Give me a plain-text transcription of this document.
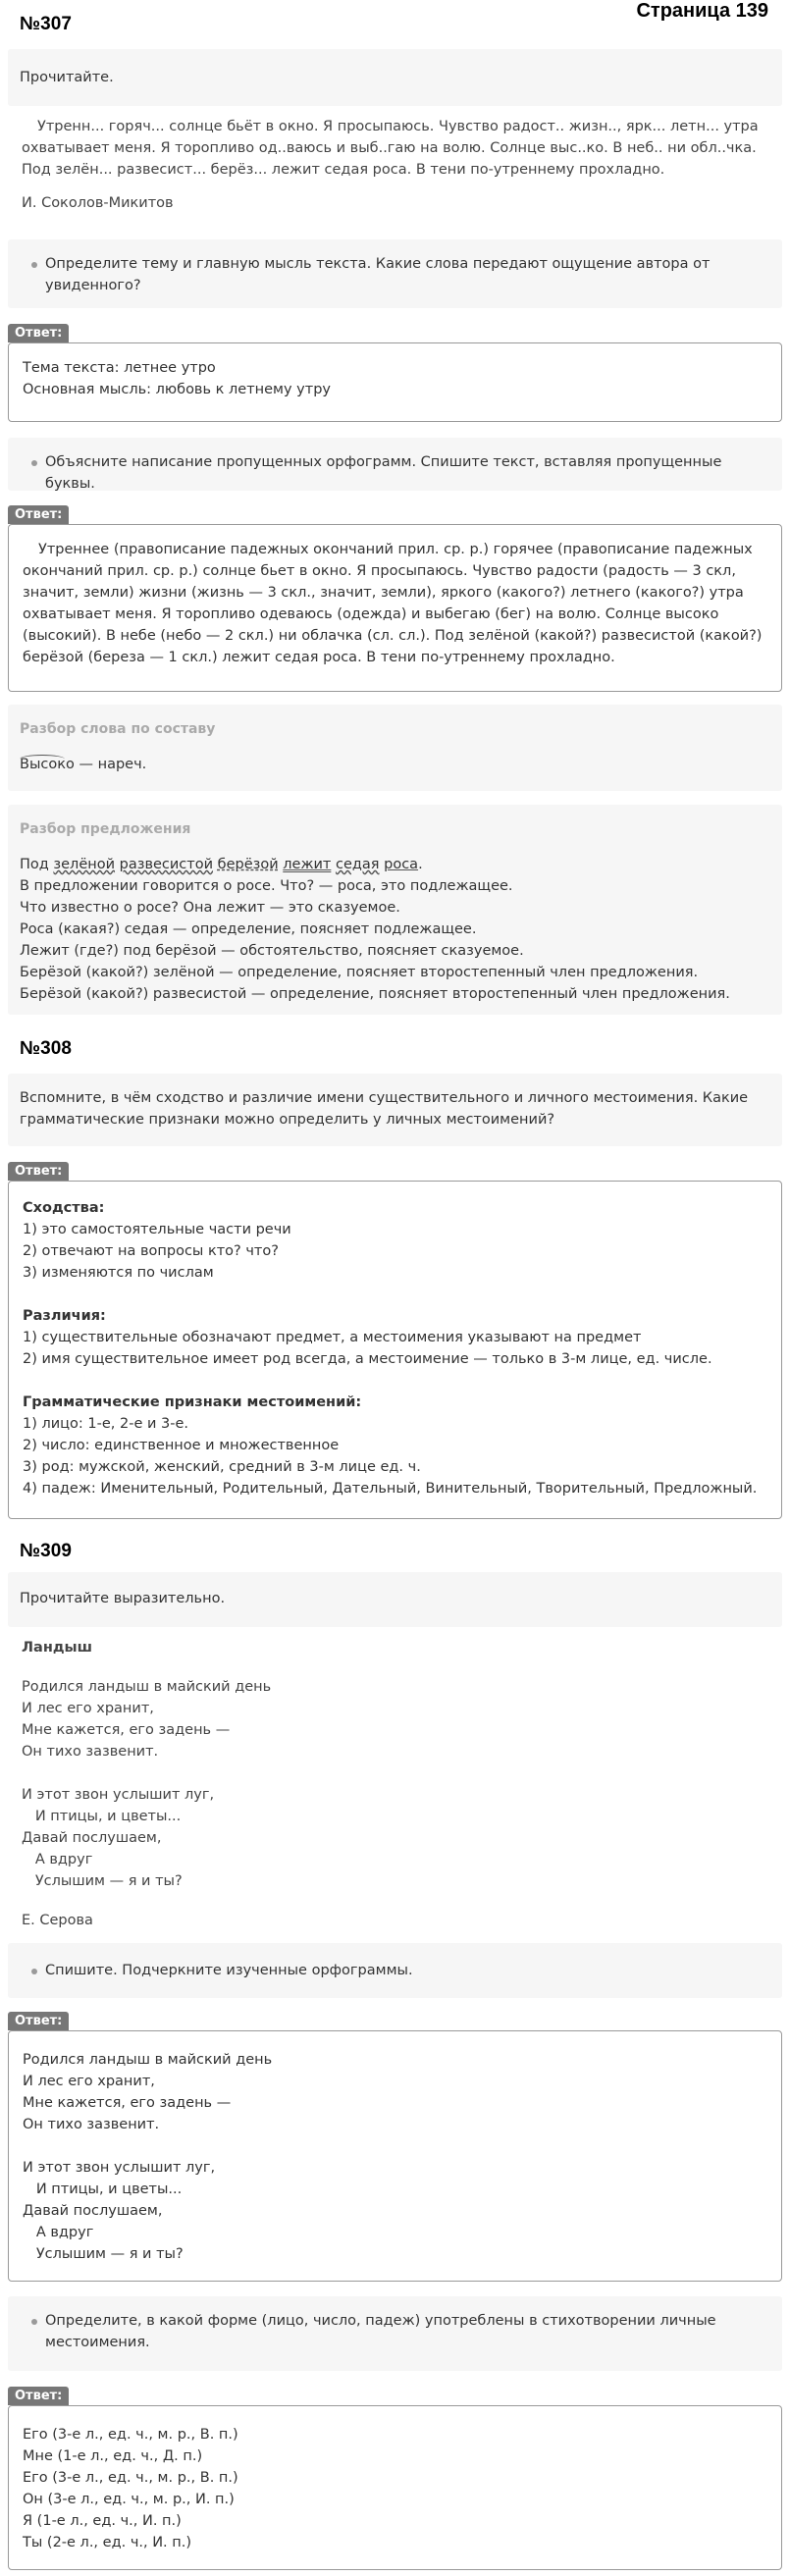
Страница 139
№307
Прочитайте.
Утренн... горяч... солнце бьёт в окно. Я просыпаюсь. Чувство радост.. жизн.., ярк... летн... утра охватывает меня. Я торопливо од..ваюсь и выб..гаю на волю. Солнце выс..ко. В неб.. ни обл..чка. Под зелён... развесист... берёз... лежит седая роса. В тени по-утреннему прохладно.
И. Соколов-Микитов
Определите тему и главную мысль текста. Какие слова передают ощущение автора от увиденного?
Ответ:
Тема текста: летнее утро
Основная мысль: любовь к летнему утру
Объясните написание пропущенных орфограмм. Спишите текст, вставляя пропущенные буквы.
Ответ:
Утреннее (правописание падежных окончаний прил. ср. р.) горячее (правописание падежных окончаний прил. ср. р.) солнце бьет в окно. Я просыпаюсь. Чувство радости (радость — 3 скл, значит, земли) жизни (жизнь — 3 скл., значит, земли), яркого (какого?) летнего (какого?) утра охватывает меня. Я торопливо одеваюсь (одежда) и выбегаю (бег) на волю. Солнце высоко (высокий). В небе (небо — 2 скл.) ни облачка (сл. сл.). Под зелёной (какой?) развесистой (какой?) берёзой (береза — 1 скл.) лежит седая роса. В тени по-утреннему прохладно.
Разбор слова по составу
Высоко — нареч.
Разбор предложения
Под зелёной развесистой берёзой лежит седая роса.
В предложении говорится о росе. Что? — роса, это подлежащее.
Что известно о росе? Она лежит — это сказуемое.
Роса (какая?) седая — определение, поясняет подлежащее.
Лежит (где?) под берёзой — обстоятельство, поясняет сказуемое.
Берёзой (какой?) зелёной — определение, поясняет второстепенный член предложения.
Берёзой (какой?) развесистой — определение, поясняет второстепенный член предложения.
№308
Вспомните, в чём сходство и различие имени существительного и личного местоимения. Какие грамматические признаки можно определить у личных местоимений?
Ответ:
Сходства:
1) это самостоятельные части речи
2) отвечают на вопросы кто? что?
3) изменяются по числам
Различия:
1) существительные обозначают предмет, а местоимения указывают на предмет
2) имя существительное имеет род всегда, а местоимение — только в 3-м лице, ед. числе.
Грамматические признаки местоимений:
1) лицо: 1-е, 2-е и 3-е.
2) число: единственное и множественное
3) род: мужской, женский, средний в 3-м лице ед. ч.
4) падеж: Именительный, Родительный, Дательный, Винительный, Творительный, Предложный.
№309
Прочитайте выразительно.
Ландыш
Родился ландыш в майский день
И лес его хранит,
Мне кажется, его задень —
Он тихо зазвенит.
И этот звон услышит луг,
И птицы, и цветы...
Давай послушаем,
А вдруг
Услышим — я и ты?
Е. Серова
Спишите. Подчеркните изученные орфограммы.
Ответ:
Родился ландыш в майский день
И лес его хранит,
Мне кажется, его задень —
Он тихо зазвенит.
И этот звон услышит луг,
И птицы, и цветы...
Давай послушаем,
А вдруг
Услышим — я и ты?
Определите, в какой форме (лицо, число, падеж) употреблены в стихотворении личные местоимения.
Ответ:
Его (3-е л., ед. ч., м. р., В. п.)
Мне (1-е л., ед. ч., Д. п.)
Его (3-е л., ед. ч., м. р., В. п.)
Он (3-е л., ед. ч., м. р., И. п.)
Я (1-е л., ед. ч., И. п.)
Ты (2-е л., ед. ч., И. п.)
